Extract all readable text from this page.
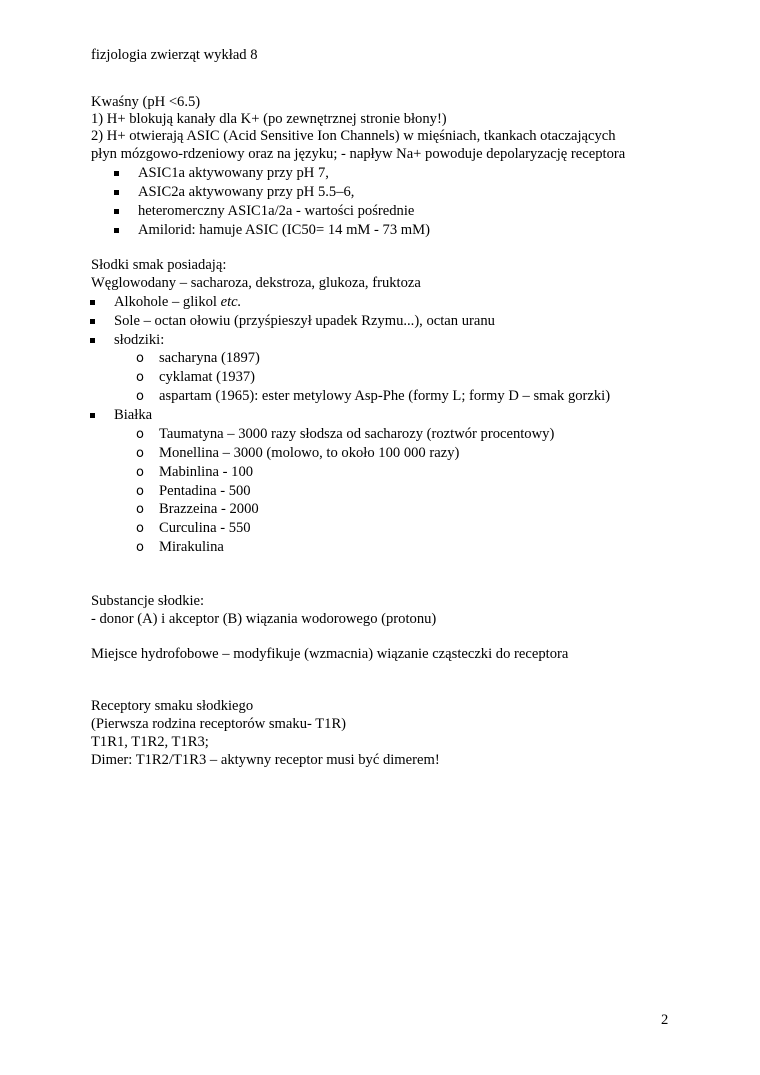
fizjologia zwierząt wykład 8

Kwaśny (pH <6.5)

1) H+ blokują kanały dla K+ (po zewnętrznej stronie błony!)

2) H+ otwierają ASIC (Acid Sensitive Ion Channels) w mięśniach, tkankach otaczających

płyn mózgowo-rdzeniowy oraz na języku; - napływ Na+ powoduje depolaryzację receptora

ASIC1a aktywowany przy pH 7,
ASIC2a aktywowany przy pH 5.5–6,
heteromerczny ASIC1a/2a - wartości pośrednie
Amilorid: hamuje ASIC (IC50= 14 mM - 73 mM)

Słodki smak posiadają:

Węglowodany – sacharoza, dekstroza, glukoza, fruktoza

Alkohole – glikol etc.
Sole – octan ołowiu (przyśpieszył upadek Rzymu...), octan uranu
słodziki:
o sacharyna (1897)
o cyklamat (1937)
o aspartam (1965): ester metylowy Asp-Phe (formy L; formy D – smak gorzki)
Białka
o Taumatyna – 3000 razy słodsza od sacharozy (roztwór procentowy)
o Monellina – 3000 (molowo, to około 100 000 razy)
o Mabinlina - 100
o Pentadina - 500
o Brazzeina - 2000
o Curculina - 550
o Mirakulina

Substancje słodkie:

- donor (A) i akceptor (B) wiązania wodorowego (protonu)

Miejsce hydrofobowe – modyfikuje (wzmacnia) wiązanie cząsteczki do receptora

Receptory smaku słodkiego

(Pierwsza rodzina receptorów smaku- T1R)

T1R1, T1R2, T1R3;

Dimer: T1R2/T1R3 – aktywny receptor musi być dimerem!

2
